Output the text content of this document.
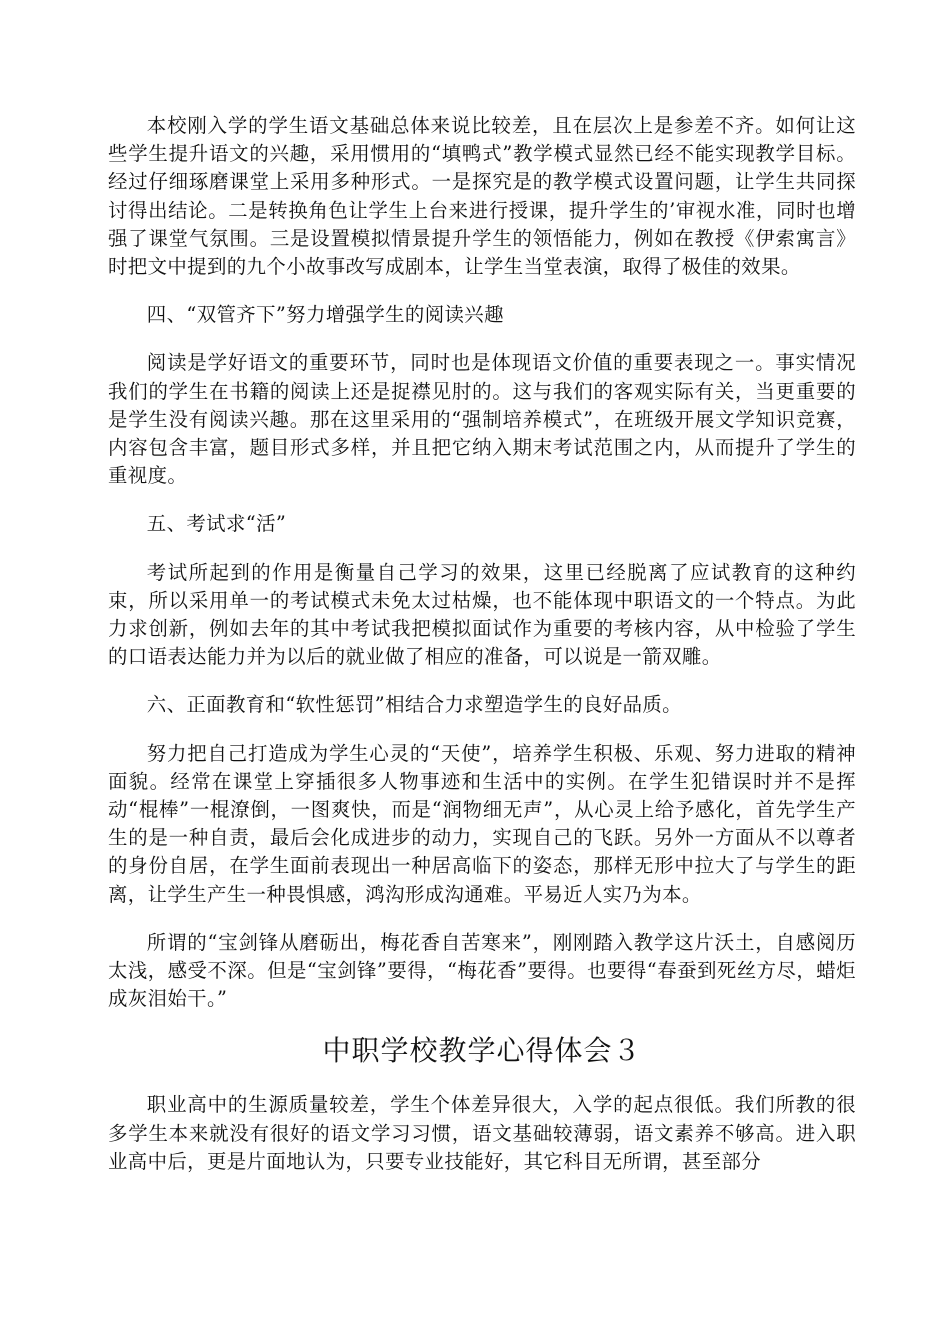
本校刚入学的学生语文基础总体来说比较差，且在层次上是参差不齐。如何让这些学生提升语文的兴趣，采用惯用的“填鸭式”教学模式显然已经不能实现教学目标。经过仔细琢磨课堂上采用多种形式。一是探究是的教学模式设置问题，让学生共同探讨得出结论。二是转换角色让学生上台来进行授课，提升学生的’审视水准，同时也增强了课堂气氛围。三是设置模拟情景提升学生的领悟能力，例如在教授《伊索寓言》时把文中提到的九个小故事改写成剧本，让学生当堂表演，取得了极佳的效果。

四、“双管齐下”努力增强学生的阅读兴趣

阅读是学好语文的重要环节，同时也是体现语文价值的重要表现之一。事实情况我们的学生在书籍的阅读上还是捉襟见肘的。这与我们的客观实际有关，当更重要的是学生没有阅读兴趣。那在这里采用的“强制培养模式”，在班级开展文学知识竞赛，内容包含丰富，题目形式多样，并且把它纳入期末考试范围之内，从而提升了学生的重视度。

五、考试求“活”

考试所起到的作用是衡量自己学习的效果，这里已经脱离了应试教育的这种约束，所以采用单一的考试模式未免太过枯燥，也不能体现中职语文的一个特点。为此力求创新，例如去年的其中考试我把模拟面试作为重要的考核内容，从中检验了学生的口语表达能力并为以后的就业做了相应的准备，可以说是一箭双雕。

六、正面教育和“软性惩罚”相结合力求塑造学生的良好品质。

努力把自己打造成为学生心灵的“天使”，培养学生积极、乐观、努力进取的精神面貌。经常在课堂上穿插很多人物事迹和生活中的实例。在学生犯错误时并不是挥动“棍棒”一棍潦倒，一图爽快，而是“润物细无声”，从心灵上给予感化，首先学生产生的是一种自责，最后会化成进步的动力，实现自己的飞跃。另外一方面从不以尊者的身份自居，在学生面前表现出一种居高临下的姿态，那样无形中拉大了与学生的距离，让学生产生一种畏惧感，鸿沟形成沟通难。平易近人实乃为本。

所谓的“宝剑锋从磨砺出，梅花香自苦寒来”，刚刚踏入教学这片沃土，自感阅历太浅，感受不深。但是“宝剑锋”要得，“梅花香”要得。也要得“春蚕到死丝方尽，蜡炬成灰泪始干。”

中职学校教学心得体会３

职业高中的生源质量较差，学生个体差异很大，入学的起点很低。我们所教的很多学生本来就没有很好的语文学习习惯，语文基础较薄弱，语文素养不够高。进入职业高中后，更是片面地认为，只要专业技能好，其它科目无所谓，甚至部分
